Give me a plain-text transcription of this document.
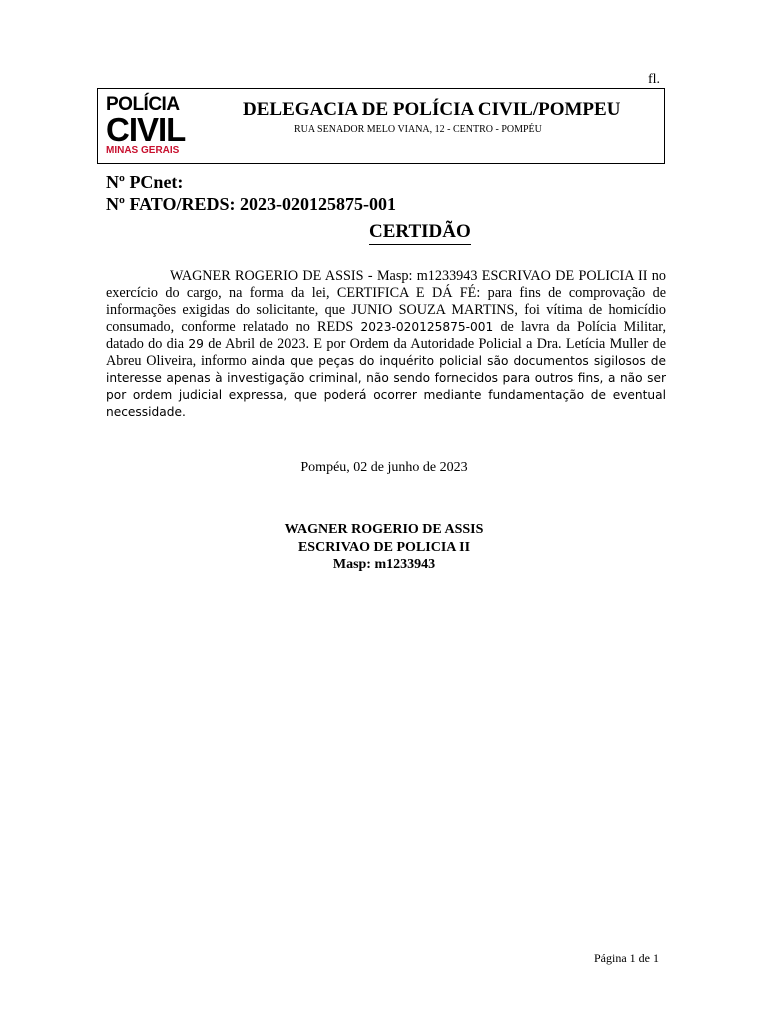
fl.
POLÍCIA
CIVIL
MINAS GERAIS
DELEGACIA DE POLÍCIA CIVIL/POMPEU
RUA SENADOR MELO VIANA, 12 - CENTRO - POMPÉU
Nº PCnet:
Nº FATO/REDS: 2023-020125875-001
CERTIDÃO
WAGNER ROGERIO DE ASSIS - Masp: m1233943 ESCRIVAO DE POLICIA II no exercício do cargo, na forma da lei, CERTIFICA E DÁ FÉ: para fins de comprovação de informações exigidas do solicitante, que JUNIO SOUZA MARTINS, foi vítima de homicídio consumado, conforme relatado no REDS 2023-020125875-001 de lavra da Polícia Militar, datado do dia 29 de Abril de 2023. E por Ordem da Autoridade Policial a Dra. Letícia Muller de Abreu Oliveira, informo ainda que peças do inquérito policial são documentos sigilosos de interesse apenas à investigação criminal, não sendo fornecidos para outros fins, a não ser por ordem judicial expressa, que poderá ocorrer mediante fundamentação de eventual necessidade.
Pompéu, 02 de junho de 2023
WAGNER ROGERIO DE ASSIS
ESCRIVAO DE POLICIA II
Masp: m1233943
Página 1 de 1
